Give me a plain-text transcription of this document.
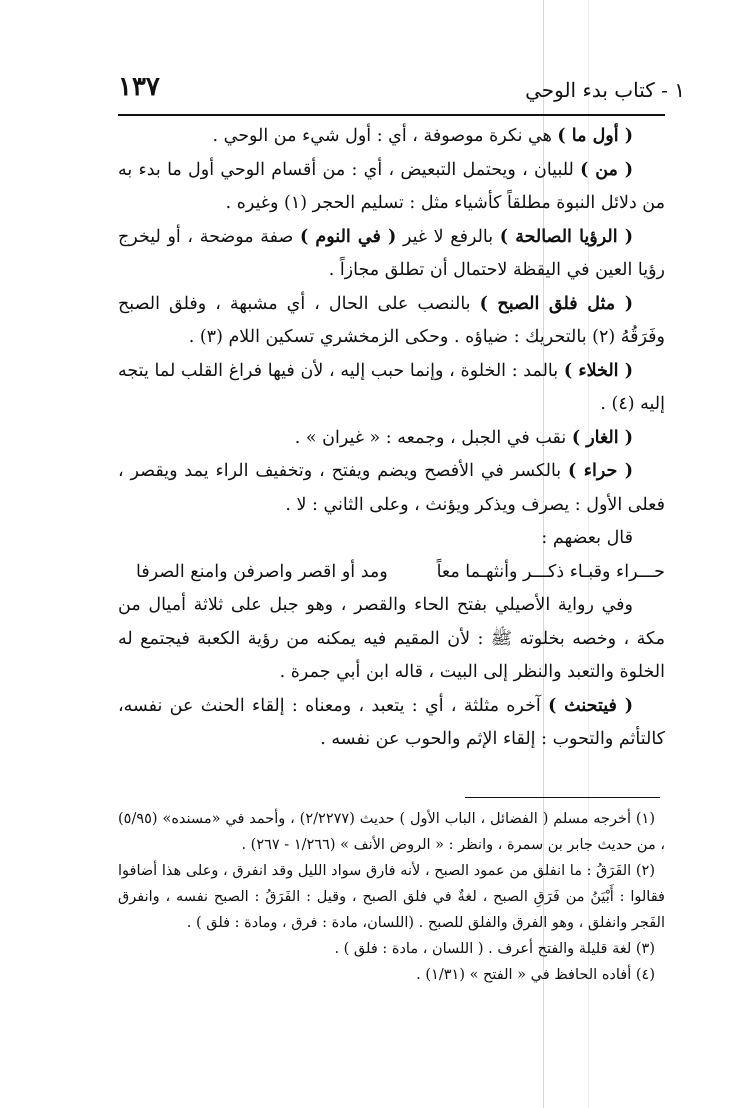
١ - كتاب بدء الوحي
١٣٧

( أول ما ) هي نكرة موصوفة ، أي : أول شيء من الوحي .

( من ) للبيان ، ويحتمل التبعيض ، أي : من أقسام الوحي أول ما بدء به من دلائل النبوة مطلقاً كأشياء مثل : تسليم الحجر (١) وغيره .

( الرؤيا الصالحة ) بالرفع لا غير ( في النوم ) صفة موضحة ، أو ليخرج رؤيا العين في اليقظة لاحتمال أن تطلق مجازاً .

( مثل فلق الصبح ) بالنصب على الحال ، أي مشبهة ، وفلق الصبح وفَرَقُهُ (٢) بالتحريك : ضياؤه . وحكى الزمخشري تسكين اللام (٣) .

( الخلاء ) بالمد : الخلوة ، وإنما حبب إليه ، لأن فيها فراغ القلب لما يتجه إليه (٤) .

( الغار ) نقب في الجبل ، وجمعه : « غيران » .

( حراء ) بالكسر في الأفصح ويضم ويفتح ، وتخفيف الراء يمد ويقصر ، فعلى الأول : يصرف ويذكر ويؤنث ، وعلى الثاني : لا .

قال بعضهم :

حـــراء وقبـاء ذكـــر وأنثهـما معاً
ومد أو اقصر واصرفن وامنع الصرفا

وفي رواية الأصيلي بفتح الحاء والقصر ، وهو جبل على ثلاثة أميال من مكة ، وخصه بخلوته ﷺ : لأن المقيم فيه يمكنه من رؤية الكعبة فيجتمع له الخلوة والتعبد والنظر إلى البيت ، قاله ابن أبي جمرة .

( فيتحنث ) آخره مثلثة ، أي : يتعبد ، ومعناه : إلقاء الحنث عن نفسه، كالتأثم والتحوب : إلقاء الإثم والحوب عن نفسه .

(١) أخرجه مسلم ( الفضائل ، الباب الأول ) حديث (٢/٢٢٧٧) ، وأحمد في «مسنده» (٥/٩٥) ، من حديث جابر بن سمرة ، وانظر : « الروض الأنف » (١/٢٦٦ - ٢٦٧) .

(٢) الفَرَقُ : ما انفلق من عمود الصبح ، لأنه فارق سواد الليل وقد انفرق ، وعلى هذا أضافوا فقالوا : أَبْيَنُ من فَرَقِ الصبح ، لغةٌ في فلق الصبح ، وقيل : الفَرَقُ : الصبح نفسه ، وانفرق الفَجر وانفلق ، وهو الفرق والفلق للصبح . (اللسان، مادة : فرق ، ومادة : فلق ) .

(٣) لغة قليلة والفتح أعرف . ( اللسان ، مادة : فلق ) .

(٤) أفاده الحافظ في « الفتح » (١/٣١) .
